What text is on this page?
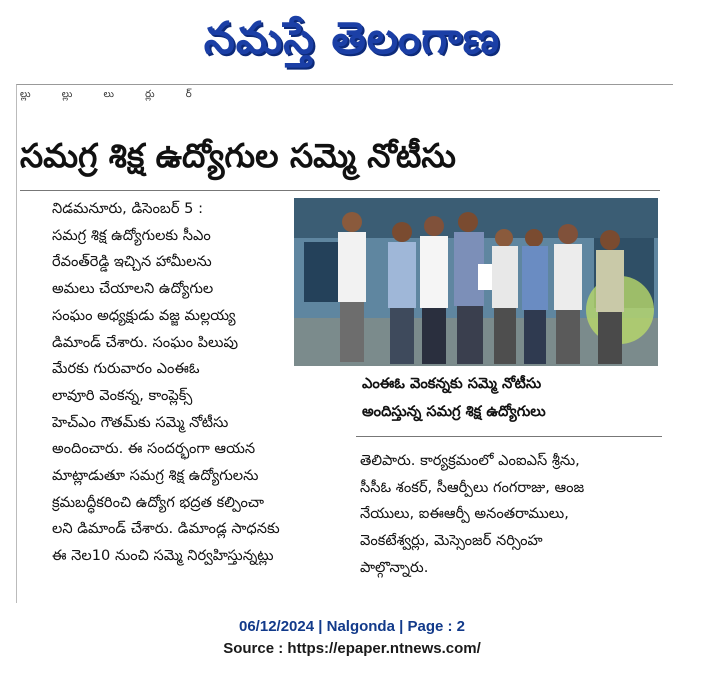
నమస్తే తెలంగాణ
ల్లు ల్లు లు ర్లు ర్
సమగ్ర శిక్ష ఉద్యోగుల సమ్మె నోటీసు

నిడమనూరు, డిసెంబర్ 5 :

సమగ్ర శిక్ష ఉద్యోగులకు సీఎం

రేవంత్‌రెడ్డి ఇచ్చిన హామీలను

అమలు చేయాలని ఉద్యోగుల

సంఘం అధ్యక్షుడు వజ్జ మల్లయ్య

డిమాండ్ చేశారు. సంఘం పిలుపు

మేరకు గురువారం ఎంఈఓ

లావూరి వెంకన్న, కాంప్లెక్స్

హెచ్‌ఎం గౌతమ్‌కు సమ్మె నోటీసు

అందించారు. ఈ సందర్భంగా ఆయన

మాట్లాడుతూ సమగ్ర శిక్ష ఉద్యోగులను

క్రమబద్ధీకరించి ఉద్యోగ భద్రత కల్పించా

లని డిమాండ్ చేశారు. డిమాండ్ల సాధనకు

ఈ నెల10 నుంచి సమ్మె నిర్వహిస్తున్నట్లు

ఎంఈఓ వెంకన్నకు సమ్మె నోటీసు

అందిస్తున్న సమగ్ర శిక్ష ఉద్యోగులు

తెలిపారు. కార్యక్రమంలో ఎంఐఎస్ శ్రీను,

సీసీఓ శంకర్, సీఆర్పీలు గంగరాజు, ఆంజ

నేయులు, ఐఈఆర్పీ అనంతరాములు,

వెంకటేశ్వర్లు, మెస్సెంజర్ నర్సింహ

పాల్గొన్నారు.

06/12/2024 | Nalgonda | Page : 2
Source : https://epaper.ntnews.com/
